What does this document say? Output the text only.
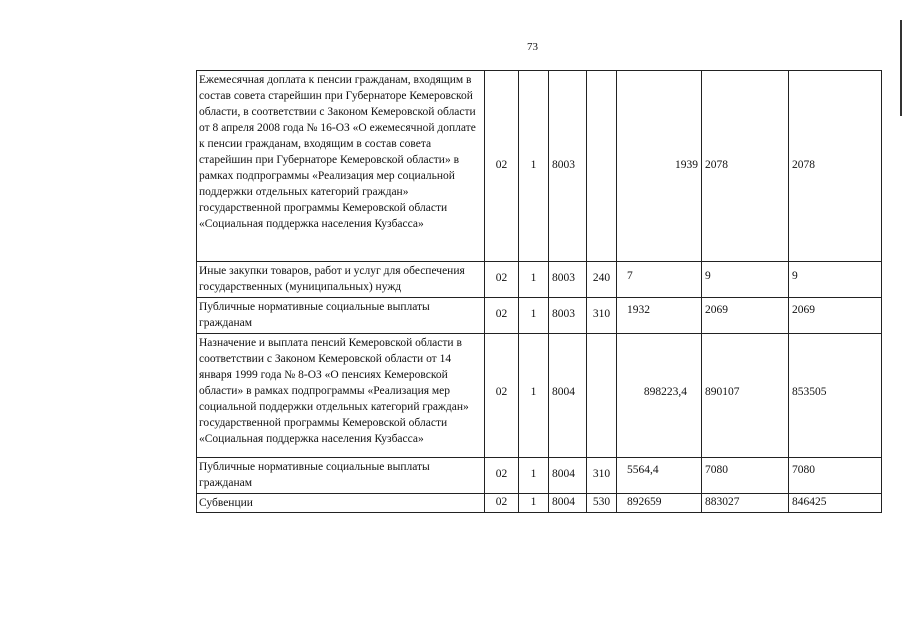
73
Ежемесячная доплата к пенсии гражданам, входящим в состав совета старейшин при Губернаторе Кемеровской области, в соответствии с Законом Кемеровской области от 8 апреля 2008 года № 16-ОЗ «О ежемесячной доплате к пенсии гражданам, входящим в состав совета старейшин при Губернаторе Кемеровской области» в рамках подпрограммы «Реализация мер социальной поддержки отдельных категорий граждан» государственной программы Кемеровской области «Социальная поддержка населения Кузбасса»	02	1	8003		1939	2078	2078
Иные закупки товаров, работ и услуг для обеспечения государственных (муниципальных) нужд	02	1	8003	240	7	9	9
Публичные нормативные социальные выплаты гражданам	02	1	8003	310	1932	2069	2069
Назначение и выплата пенсий Кемеровской области в соответствии с Законом Кемеровской области от 14 января 1999 года № 8-ОЗ «О пенсиях Кемеровской области» в рамках подпрограммы «Реализация мер социальной поддержки отдельных категорий граждан» государственной программы Кемеровской области «Социальная поддержка населения Кузбасса»	02	1	8004		898223,4	890107	853505
Публичные нормативные социальные выплаты гражданам	02	1	8004	310	5564,4	7080	7080
Субвенции	02	1	8004	530	892659	883027	846425
